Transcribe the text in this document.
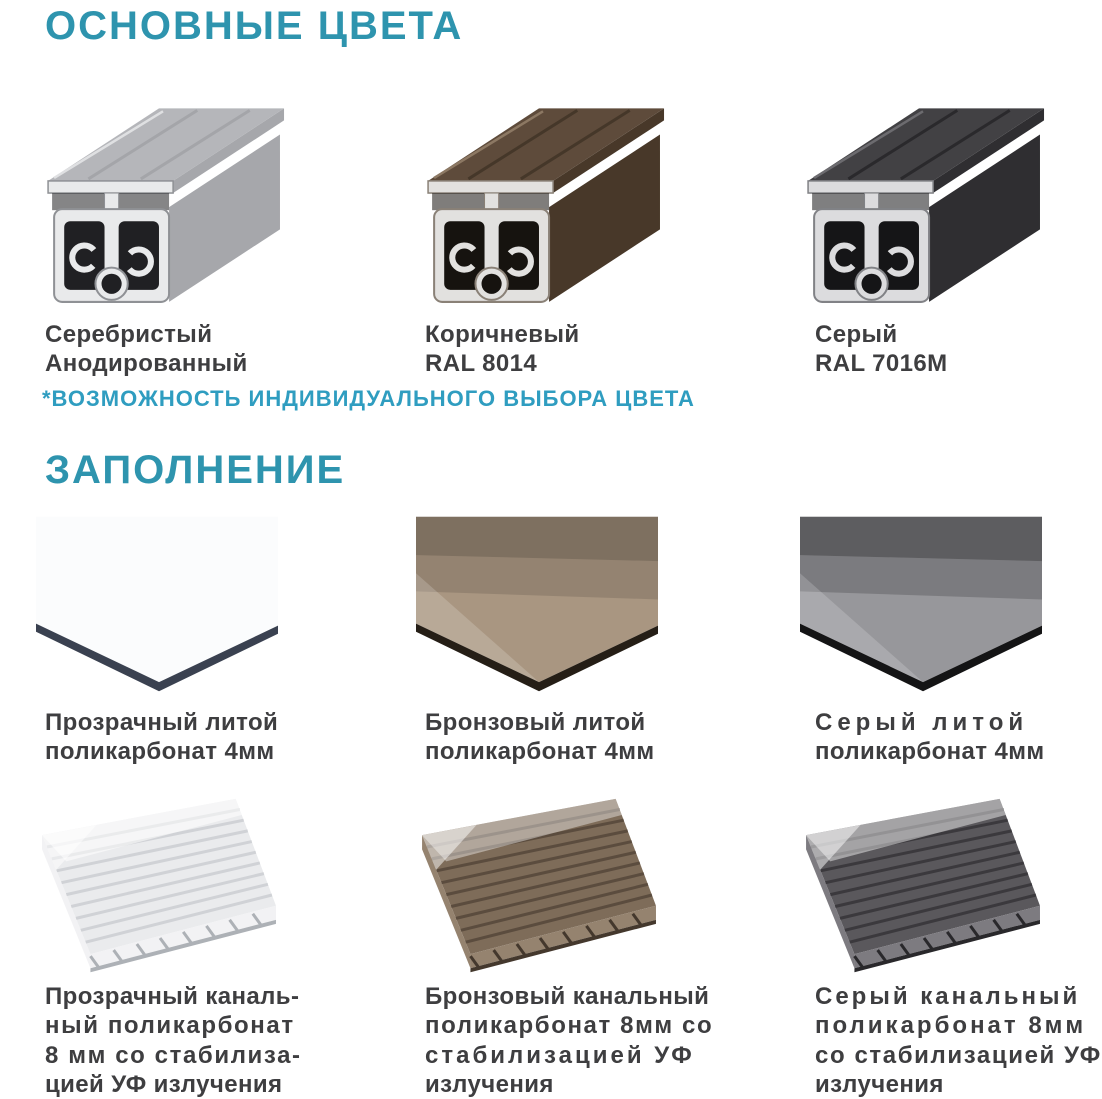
ОСНОВНЫЕ ЦВЕТА

Серебристый
Анодированный

Коричневый
RAL 8014

Серый
RAL 7016M

*ВОЗМОЖНОСТЬ ИНДИВИДУАЛЬНОГО ВЫБОРА ЦВЕТА

ЗАПОЛНЕНИЕ

Прозрачный литой
поликарбонат 4мм

Бронзовый литой
поликарбонат 4мм

Серый литой
поликарбонат 4мм

Прозрачный каналь-
ный поликарбонат
8 мм со стабилиза-
цией УФ излучения

Бронзовый канальный
поликарбонат 8мм со
стабилизацией УФ
излучения

Серый канальный
поликарбонат 8мм
со стабилизацией УФ
излучения
